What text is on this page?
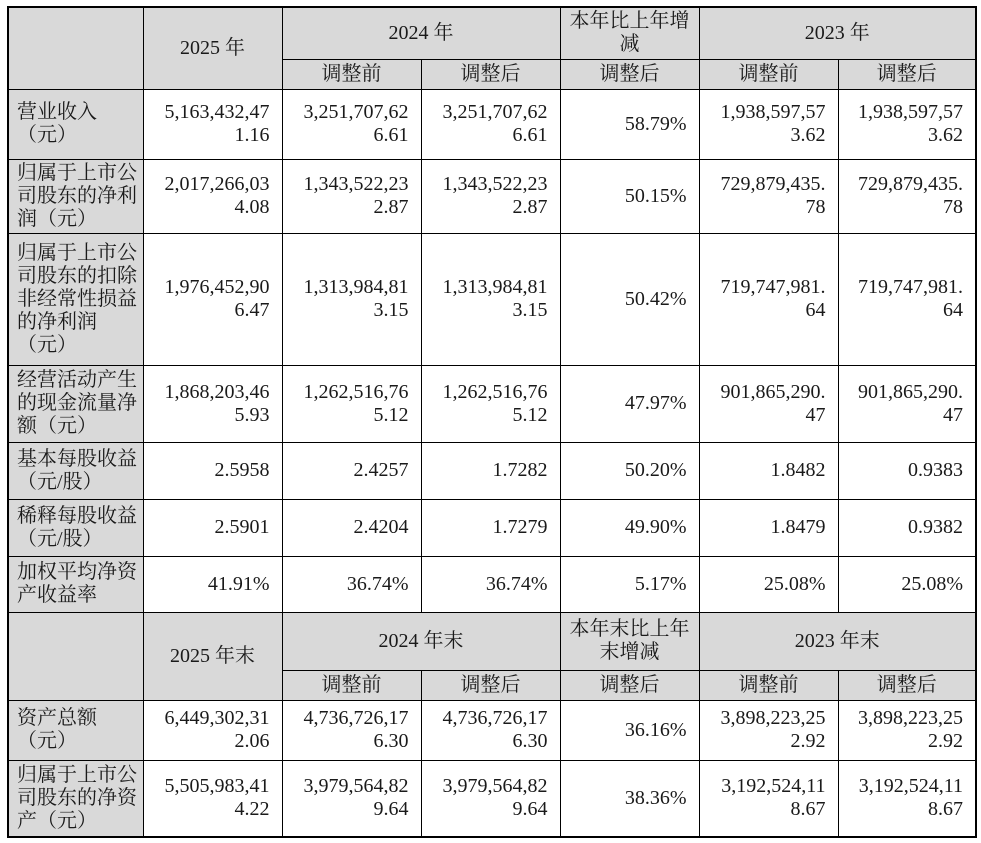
	2025 年	2024 年		本年比上年增减	2023 年	
		调整前	调整后	调整后	调整前	调整后
营业收入（元）	5,163,432,471.16	3,251,707,626.61	3,251,707,626.61	58.79%	1,938,597,573.62	1,938,597,573.62
归属于上市公司股东的净利润（元）	2,017,266,034.08	1,343,522,232.87	1,343,522,232.87	50.15%	729,879,435.78	729,879,435.78
归属于上市公司股东的扣除非经常性损益的净利润（元）	1,976,452,906.47	1,313,984,813.15	1,313,984,813.15	50.42%	719,747,981.64	719,747,981.64
经营活动产生的现金流量净额（元）	1,868,203,465.93	1,262,516,765.12	1,262,516,765.12	47.97%	901,865,290.47	901,865,290.47
基本每股收益（元/股）	2.5958	2.4257	1.7282	50.20%	1.8482	0.9383
稀释每股收益（元/股）	2.5901	2.4204	1.7279	49.90%	1.8479	0.9382
加权平均净资产收益率	41.91%	36.74%	36.74%	5.17%	25.08%	25.08%
	2025 年末	2024 年末		本年末比上年末增减	2023 年末	
		调整前	调整后	调整后	调整前	调整后
资产总额（元）	6,449,302,312.06	4,736,726,176.30	4,736,726,176.30	36.16%	3,898,223,252.92	3,898,223,252.92
归属于上市公司股东的净资产（元）	5,505,983,414.22	3,979,564,829.64	3,979,564,829.64	38.36%	3,192,524,118.67	3,192,524,118.67
